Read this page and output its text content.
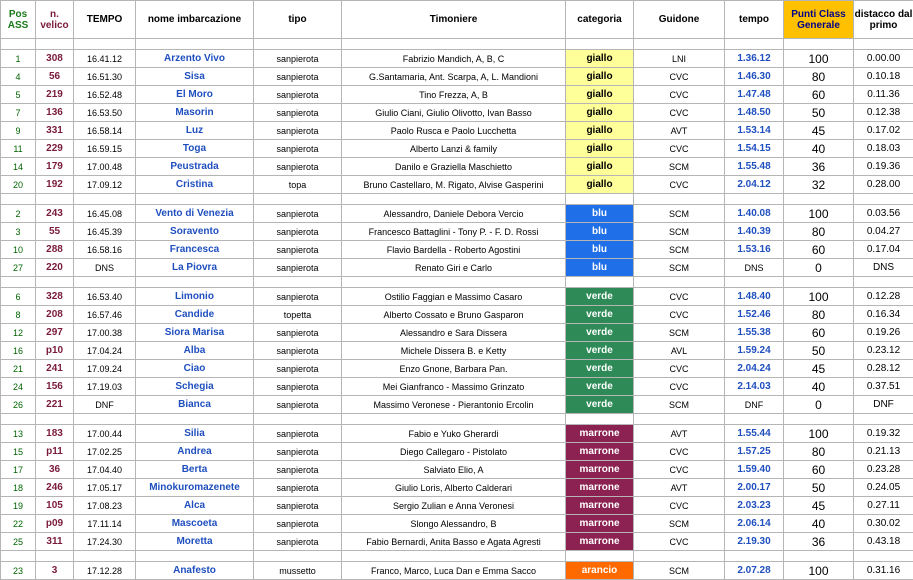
Pos ASS	n. velico	TEMPO	nome imbarcazione	tipo	Timoniere	categoria	Guidone	tempo	Punti Class Generale	distacco dal primo

1	308	16.41.12	Arzento Vivo	sanpierota	Fabrizio Mandich, A, B, C	giallo	LNI	1.36.12	100	0.00.00
4	56	16.51.30	Sisa	sanpierota	G.Santamaria, Ant. Scarpa, A, L. Mandioni	giallo	CVC	1.46.30	80	0.10.18
5	219	16.52.48	El Moro	sanpierota	Tino Frezza, A, B	giallo	CVC	1.47.48	60	0.11.36
7	136	16.53.50	Masorin	sanpierota	Giulio Ciani, Giulio Olivotto, Ivan Basso	giallo	CVC	1.48.50	50	0.12.38
9	331	16.58.14	Luz	sanpierota	Paolo Rusca e Paolo Lucchetta	giallo	AVT	1.53.14	45	0.17.02
11	229	16.59.15	Toga	sanpierota	Alberto Lanzi & family	giallo	CVC	1.54.15	40	0.18.03
14	179	17.00.48	Peustrada	sanpierota	Danilo e Graziella Maschietto	giallo	SCM	1.55.48	36	0.19.36
20	192	17.09.12	Cristina	topa	Bruno Castellaro, M. Rigato, Alvise Gasperini	giallo	CVC	2.04.12	32	0.28.00

2	243	16.45.08	Vento di Venezia	sanpierota	Alessandro, Daniele Debora Vercio	blu	SCM	1.40.08	100	0.03.56
3	55	16.45.39	Soravento	sanpierota	Francesco Battaglini - Tony P. - F. D. Rossi	blu	SCM	1.40.39	80	0.04.27
10	288	16.58.16	Francesca	sanpierota	Flavio Bardella - Roberto Agostini	blu	SCM	1.53.16	60	0.17.04
27	220	DNS	La Piovra	sanpierota	Renato Giri e Carlo	blu	SCM	DNS	0	DNS

6	328	16.53.40	Limonio	sanpierota	Ostilio Faggian e Massimo Casaro	verde	CVC	1.48.40	100	0.12.28
8	208	16.57.46	Candide	topetta	Alberto Cossato e Bruno Gasparon	verde	CVC	1.52.46	80	0.16.34
12	297	17.00.38	Siora Marisa	sanpierota	Alessandro e Sara Dissera	verde	SCM	1.55.38	60	0.19.26
16	p10	17.04.24	Alba	sanpierota	Michele Dissera B. e Ketty	verde	AVL	1.59.24	50	0.23.12
21	241	17.09.24	Ciao	sanpierota	Enzo Gnone, Barbara Pan.	verde	CVC	2.04.24	45	0.28.12
24	156	17.19.03	Schegia	sanpierota	Mei Gianfranco - Massimo Grinzato	verde	CVC	2.14.03	40	0.37.51
26	221	DNF	Bianca	sanpierota	Massimo Veronese - Pierantonio Ercolin	verde	SCM	DNF	0	DNF

13	183	17.00.44	Silia	sanpierota	Fabio e Yuko Gherardi	marrone	AVT	1.55.44	100	0.19.32
15	p11	17.02.25	Andrea	sanpierota	Diego Callegaro - Pistolato	marrone	CVC	1.57.25	80	0.21.13
17	36	17.04.40	Berta	sanpierota	Salviato Elio, A	marrone	CVC	1.59.40	60	0.23.28
18	246	17.05.17	Minokuromazenete	sanpierota	Giulio Loris, Alberto Calderari	marrone	AVT	2.00.17	50	0.24.05
19	105	17.08.23	Alca	sanpierota	Sergio Zulian e Anna Veronesi	marrone	CVC	2.03.23	45	0.27.11
22	p09	17.11.14	Mascoeta	sanpierota	Slongo Alessandro, B	marrone	SCM	2.06.14	40	0.30.02
25	311	17.24.30	Moretta	sanpierota	Fabio Bernardi, Anita Basso e Agata Agresti	marrone	CVC	2.19.30	36	0.43.18

23	3	17.12.28	Anafesto	mussetto	Franco, Marco, Luca Dan e Emma Sacco	arancio	SCM	2.07.28	100	0.31.16
